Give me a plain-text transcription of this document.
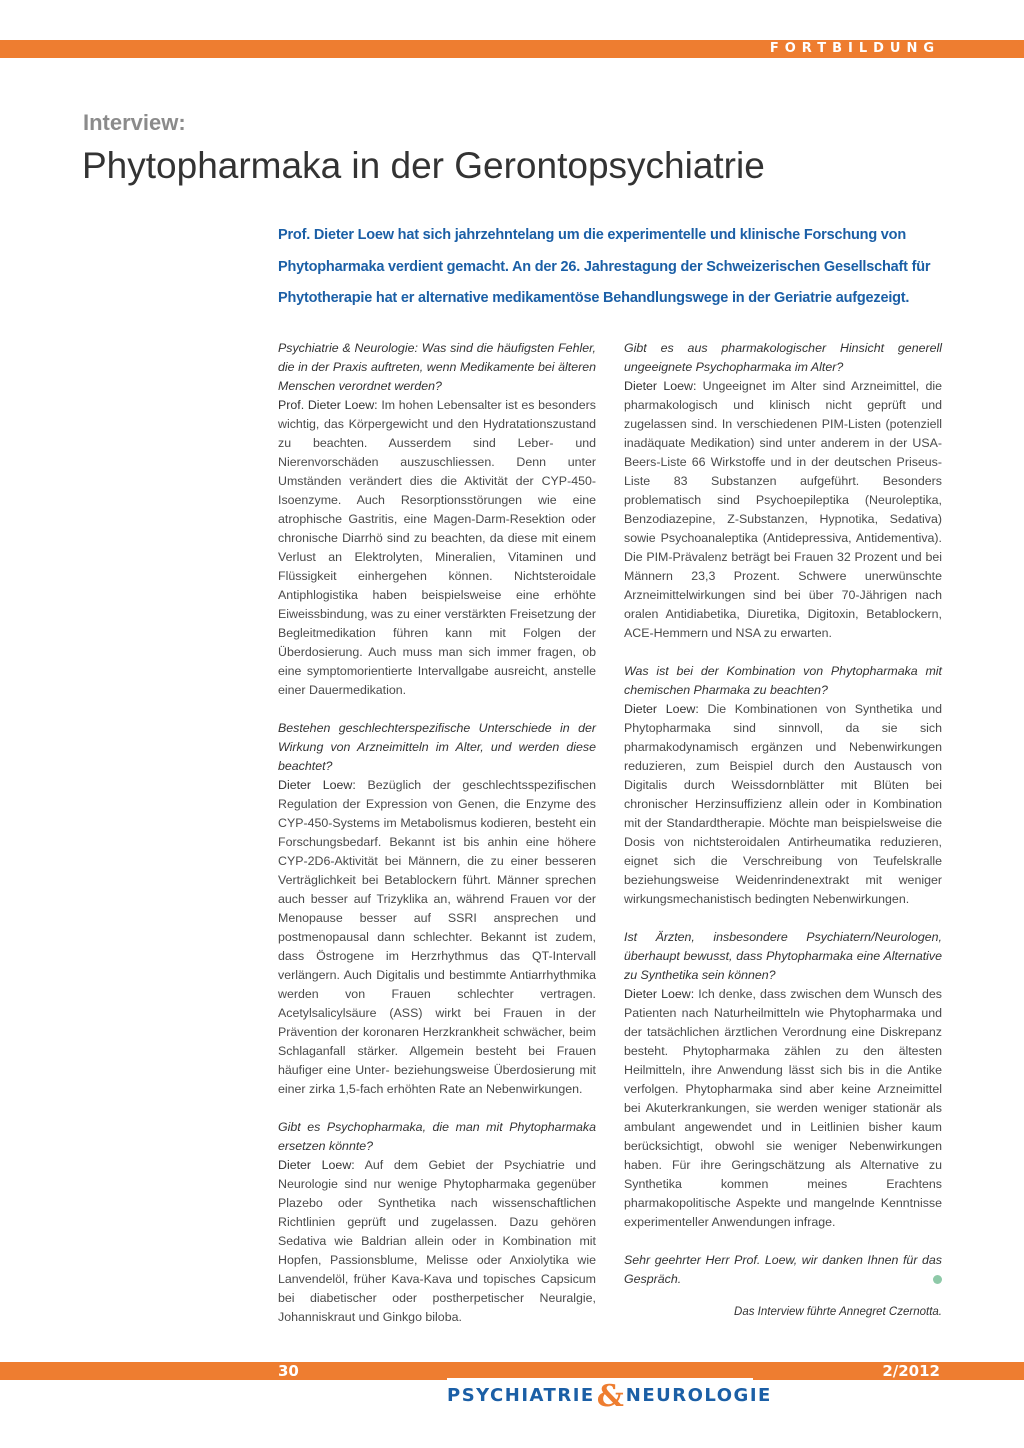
FORTBILDUNG
Interview:
Phytopharmaka in der Gerontopsychiatrie
Prof. Dieter Loew hat sich jahrzehntelang um die experimentelle und klinische Forschung von
Phytopharmaka verdient gemacht. An der 26. Jahrestagung der Schweizerischen Gesellschaft für
Phytotherapie hat er alternative medikamentöse Behandlungswege in der Geriatrie aufgezeigt.

Psychiatrie & Neurologie: Was sind die häufigsten Fehler, die in der Praxis auftreten, wenn Medikamente bei älteren Menschen verordnet werden?

Prof. Dieter Loew: Im hohen Lebensalter ist es besonders wichtig, das Körpergewicht und den Hydratationszustand zu beachten. Ausserdem sind Leber- und Nierenvorschäden auszuschliessen. Denn unter Umständen verändert dies die Aktivität der CYP-450-Isoenzyme. Auch Resorptionsstörungen wie eine atrophische Gastritis, eine Magen-Darm-Resektion oder chronische Diarrhö sind zu beachten, da diese mit einem Verlust an Elektrolyten, Mineralien, Vitaminen und Flüssigkeit einhergehen können. Nichtsteroidale Antiphlogistika haben beispielsweise eine erhöhte Eiweissbindung, was zu einer verstärkten Freisetzung der Begleitmedikation führen kann mit Folgen der Überdosierung. Auch muss man sich immer fragen, ob eine symptomorientierte Intervallgabe ausreicht, anstelle einer Dauermedikation.

Bestehen geschlechterspezifische Unterschiede in der Wirkung von Arzneimitteln im Alter, und werden diese beachtet?

Dieter Loew: Bezüglich der geschlechtsspezifischen Regulation der Expression von Genen, die Enzyme des CYP-450-Systems im Metabolismus kodieren, besteht ein Forschungsbedarf. Bekannt ist bis anhin eine höhere CYP-2D6-Aktivität bei Männern, die zu einer besseren Verträglichkeit bei Betablockern führt. Männer sprechen auch besser auf Trizyklika an, während Frauen vor der Menopause besser auf SSRI ansprechen und postmenopausal dann schlechter. Bekannt ist zudem, dass Östrogene im Herzrhythmus das QT-Intervall verlängern. Auch Digitalis und bestimmte Antiarrhythmika werden von Frauen schlechter vertragen. Acetylsalicylsäure (ASS) wirkt bei Frauen in der Prävention der koronaren Herzkrankheit schwächer, beim Schlaganfall stärker. Allgemein besteht bei Frauen häufiger eine Unter- beziehungsweise Überdosierung mit einer zirka 1,5-fach erhöhten Rate an Nebenwirkungen.

Gibt es Psychopharmaka, die man mit Phytopharmaka ersetzen könnte?

Dieter Loew: Auf dem Gebiet der Psychiatrie und Neurologie sind nur wenige Phytopharmaka gegenüber Plazebo oder Synthetika nach wissenschaftlichen Richtlinien geprüft und zugelassen. Dazu gehören Sedativa wie Baldrian allein oder in Kombination mit Hopfen, Passionsblume, Melisse oder Anxiolytika wie Lanvendelöl, früher Kava-Kava und topisches Capsicum bei diabetischer oder postherpetischer Neuralgie, Johanniskraut und Ginkgo biloba.

Gibt es aus pharmakologischer Hinsicht generell ungeeignete Psychopharmaka im Alter?

Dieter Loew: Ungeeignet im Alter sind Arzneimittel, die pharmakologisch und klinisch nicht geprüft und zugelassen sind. In verschiedenen PIM-Listen (potenziell inadäquate Medikation) sind unter anderem in der USA-Beers-Liste 66 Wirkstoffe und in der deutschen Priseus-Liste 83 Substanzen aufgeführt. Besonders problematisch sind Psychoepileptika (Neuroleptika, Benzodiazepine, Z-Substanzen, Hypnotika, Sedativa) sowie Psychoanaleptika (Antidepressiva, Antidementiva). Die PIM-Prävalenz beträgt bei Frauen 32 Prozent und bei Männern 23,3 Prozent. Schwere unerwünschte Arzneimittelwirkungen sind bei über 70-Jährigen nach oralen Antidiabetika, Diuretika, Digitoxin, Betablockern, ACE-Hemmern und NSA zu erwarten.

Was ist bei der Kombination von Phytopharmaka mit chemischen Pharmaka zu beachten?

Dieter Loew: Die Kombinationen von Synthetika und Phytopharmaka sind sinnvoll, da sie sich pharmakodynamisch ergänzen und Nebenwirkungen reduzieren, zum Beispiel durch den Austausch von Digitalis durch Weissdornblätter mit Blüten bei chronischer Herzinsuffizienz allein oder in Kombination mit der Standardtherapie. Möchte man beispielsweise die Dosis von nichtsteroidalen Antirheumatika reduzieren, eignet sich die Verschreibung von Teufelskralle beziehungsweise Weidenrindenextrakt mit weniger wirkungsmechanistisch bedingten Nebenwirkungen.

Ist Ärzten, insbesondere Psychiatern/Neurologen, überhaupt bewusst, dass Phytopharmaka eine Alternative zu Synthetika sein können?

Dieter Loew: Ich denke, dass zwischen dem Wunsch des Patienten nach Naturheilmitteln wie Phytopharmaka und der tatsächlichen ärztlichen Verordnung eine Diskrepanz besteht. Phytopharmaka zählen zu den ältesten Heilmitteln, ihre Anwendung lässt sich bis in die Antike verfolgen. Phytopharmaka sind aber keine Arzneimittel bei Akuterkrankungen, sie werden weniger stationär als ambulant angewendet und in Leitlinien bisher kaum berücksichtigt, obwohl sie weniger Nebenwirkungen haben. Für ihre Geringschätzung als Alternative zu Synthetika kommen meines Erachtens pharmakopolitische Aspekte und mangelnde Kenntnisse experimenteller Anwendungen infrage.

Sehr geehrter Herr Prof. Loew, wir danken Ihnen für das Gespräch.

Das Interview führte Annegret Czernotta.

30	2/2012
PSYCHIATRIE& NEUROLOGIE
